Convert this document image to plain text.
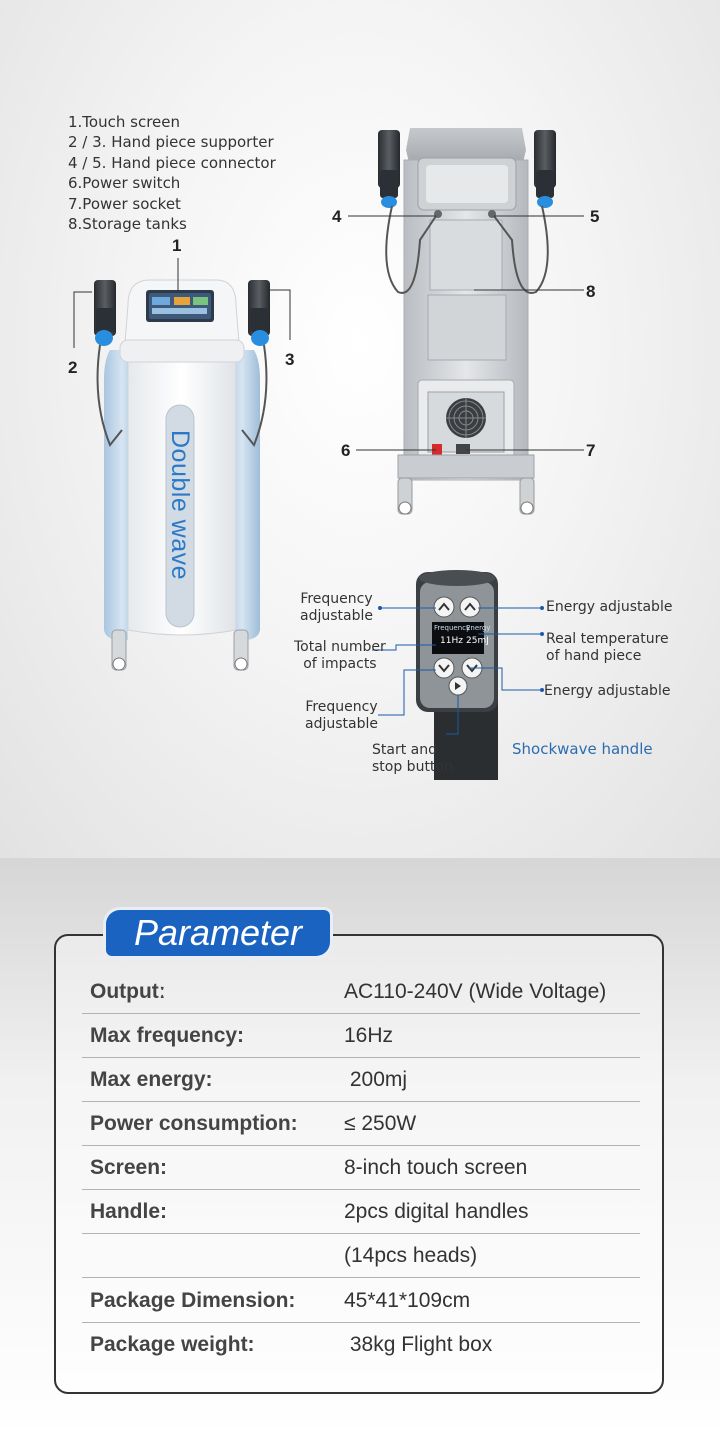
1.Touch screen
2 / 3. Hand piece supporter
4 / 5. Hand piece connector
6.Power switch
7.Power socket
8.Storage tanks
Double wave
Frequency
Energy
11Hz 25mJ
1
2	3
4	5
6	7
8
Frequency
adjustable
Energy adjustable
Total number
of impacts
Real temperature
of hand piece
Energy adjustable
Frequency
adjustable
Start and
stop button
Shockwave handle
Parameter
Outputː	AC110-240V (Wide Voltage)
Max frequency:	16Hz
Max energy:	200mj
Power consumption: ≤ 250W
Screen:	8-inch touch screen
Handle:	2pcs digital handles
(14pcs heads)
Package Dimension: 45*41*109cm
Package weight:	38kg Flight box
